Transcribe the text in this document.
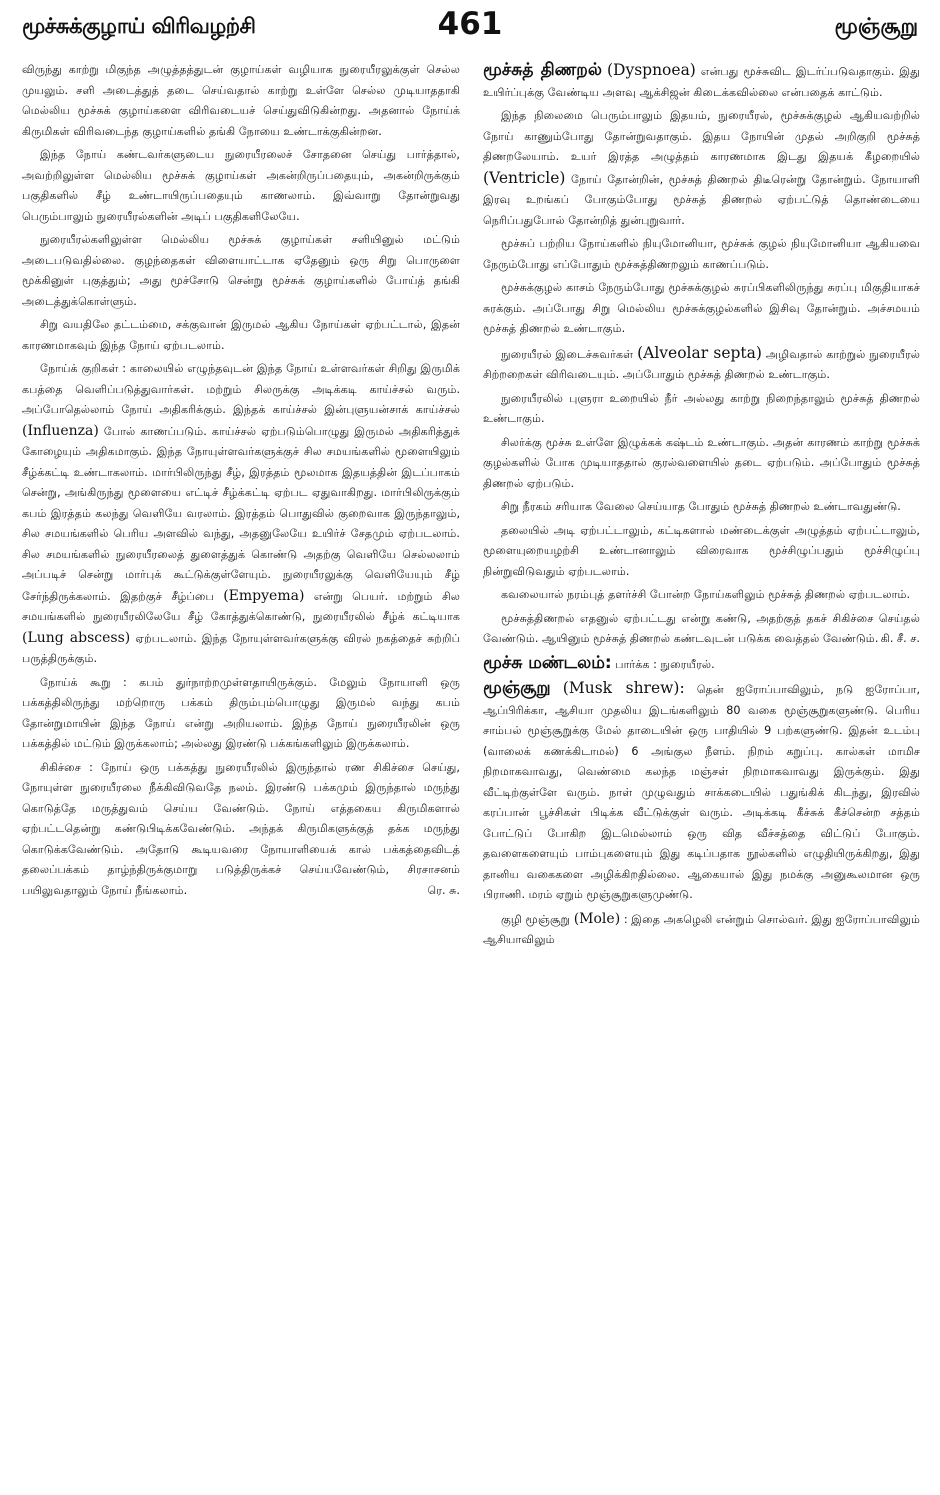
மூச்சுக்குழாய் விரிவழற்சி	461	மூஞ்சூறு

விருந்து காற்று மிகுந்த அழுத்தத்துடன் குழாய்கள் வழியாக நுரையீரலுக்குள் செல்ல முயலும். சளி அடைத்துத் தடை செய்வதால் காற்று உள்ளே செல்ல முடியாததாகி மெல்லிய மூச்சுக் குழாய்களை விரிவடையச் செய்துவிடுகின்றது. அதனால் நோய்க் கிருமிகள் விரிவடைந்த குழாய்களில் தங்கி நோயை உண்டாக்குகின்றன.

இந்த நோய் கண்டவர்களுடைய நுரையீரலைச் சோதனை செய்து பார்த்தால், அவற்றிலுள்ள மெல்லிய மூச்சுக் குழாய்கள் அகன்றிருப்பதையும், அகன்றிருக்கும் பகுதிகளில் சீழ் உண்டாயிருப்பதையும் காணலாம். இவ்வாறு தோன்றுவது பெரும்பாலும் நுரையீரல்களின் அடிப் பகுதிகளிலேயே.

நுரையீரல்களிலுள்ள மெல்லிய மூச்சுக் குழாய்கள் சளியினுல் மட்டும் அடைபடுவதில்லை. குழந்தைகள் விளையாட்டாக ஏதேனும் ஒரு சிறு பொருளை மூக்கினுள் புகுத்தும்; அது மூச்சோடு சென்று மூச்சுக் குழாய்களில் போய்த் தங்கி அடைத்துக்கொள்ளும்.

சிறு வயதிலே தட்டம்மை, சக்குவான் இருமல் ஆகிய நோய்கள் ஏற்பட்டால், இதன் காரணமாகவும் இந்த நோய் ஏற்படலாம்.

நோய்க் குறிகள் : காலையில் எழுந்தவுடன் இந்த நோய் உள்ளவர்கள் சிறிது இருமிக் கபத்தை வெளிப்படுத்துவார்கள். மற்றும் சிலருக்கு அடிக்கடி காய்ச்சல் வரும். அப்போதெல்லாம் நோய் அதிகரிக்கும். இந்தக் காய்ச்சல் இன்புளுயன்சாக் காய்ச்சல் (Influenza) போல் காணப்படும். காய்ச்சல் ஏற்படும்பொழுது இருமல் அதிகரித்துக் கோழையும் அதிகமாகும். இந்த நோயுள்ளவர்களுக்குச் சில சமயங்களில் மூளையிலும் சீழ்க்கட்டி உண்டாகலாம். மார்பிலிருந்து சீழ், இரத்தம் மூலமாக இதயத்தின் இடப்பாகம் சென்று, அங்கிருந்து மூளையை எட்டிச் சீழ்க்கட்டி ஏற்பட ஏதுவாகிறது. மார்பிலிருக்கும் கபம் இரத்தம் கலந்து வெளியே வரலாம். இரத்தம் பொதுவில் குறைவாக இருந்தாலும், சில சமயங்களில் பெரிய அளவில் வந்து, அதனுலேயே உயிர்ச் சேதமும் ஏற்படலாம். சில சமயங்களில் நுரையீரலைத் துளைத்துக் கொண்டு அதற்கு வெளியே செல்லலாம் அப்படிச் சென்று மார்புக் கூட்டுக்குள்ளேயும். நுரையீரலுக்கு வெளியேயும் சீழ் சேர்ந்திருக்கலாம். இதற்குச் சீழ்ப்பை (Empyema) என்று பெயர். மற்றும் சில சமயங்களில் நுரையீரலிலேயே சீழ் கோத்துக்கொண்டு, நுரையீரலில் சீழ்க் கட்டியாக (Lung abscess) ஏற்படலாம். இந்த நோயுள்ளவர்களுக்கு விரல் நகத்தைச் சுற்றிப் பருத்திருக்கும்.

நோய்க் கூறு : கபம் துர்நாற்றமுள்ளதாயிருக்கும். மேலும் நோயாளி ஒரு பக்கத்திலிருந்து மற்றொரு பக்கம் திரும்பும்பொழுது இருமல் வந்து கபம் தோன்றுமாயின் இந்த நோய் என்று அறியலாம். இந்த நோய் நுரையீரலின் ஒரு பக்கத்தில் மட்டும் இருக்கலாம்; அல்லது இரண்டு பக்கங்களிலும் இருக்கலாம்.

சிகிச்சை : நோய் ஒரு பக்கத்து நுரையீரலில் இருந்தால் ரண சிகிச்சை செய்து, நோயுள்ள நுரையீரலை நீக்கிவிடுவதே நலம். இரண்டு பக்கமும் இருந்தால் மருந்து கொடுத்தே மருத்துவம் செய்ய வேண்டும். நோய் எத்தகைய கிருமிகளால் ஏற்பட்டதென்று கண்டுபிடிக்கவேண்டும். அந்தக் கிருமிகளுக்குத் தக்க மருந்து கொடுக்கவேண்டும். அதோடு கூடியவரை நோயாளியைக் கால் பக்கத்தைவிடத் தலைப்பக்கம் தாழ்ந்திருக்குமாறு படுத்திருக்கச் செய்யவேண்டும், சிரசாசனம் பயிலுவதாலும் நோய் நீங்கலாம்.	ரெ. சு.

மூச்சுத் திணறல் (Dyspnoea) என்பது மூச்சுவிட இடர்ப்படுவதாகும். இது உயிர்ப்புக்கு வேண்டிய அளவு ஆக்சிஜன் கிடைக்கவில்லை என்பதைக் காட்டும்.

இந்த நிலைமை பெரும்பாலும் இதயம், நுரையீரல், மூச்சுக்குழல் ஆகியவற்றில் நோய் காணும்போது தோன்றுவதாகும். இதய நோயின் முதல் அறிகுறி மூச்சுத் திணறலேயாம். உயர் இரத்த அழுத்தம் காரணமாக இடது இதயக் கீழறையில் (Ventricle) நோய் தோன்றின், மூச்சுத் திணறல் திடீரென்று தோன்றும். நோயாளி இரவு உறங்கப் போகும்போது மூச்சுத் திணறல் ஏற்பட்டுத் தொண்டையை நெரிப்பதுபோல் தோன்றித் துன்புறுவார்.

மூச்சுப் பற்றிய நோய்களில் நியுமோனியா, மூச்சுக் குழல் நியுமோனியா ஆகியவை நேரும்போது எப்போதும் மூச்சுத்திணறலும் காணப்படும்.

மூச்சுக்குழல் காசம் நேரும்போது மூச்சுக்குழல் சுரப்பிகளிலிருந்து சுரப்பு மிகுதியாகச் சுரக்கும். அப்போது சிறு மெல்லிய மூச்சுக்குழல்களில் இசிவு தோன்றும். அச்சமயம் மூச்சுத் திணறல் உண்டாகும்.

நுரையீரல் இடைச்சுவர்கள் (Alveolar septa) அழிவதால் காற்றுல் நுரையீரல் சிற்றறைகள் விரிவடையும். அப்போதும் மூச்சுத் திணறல் உண்டாகும்.

நுரையீரலில் புளுரா உறையில் நீர் அல்லது காற்று நிறைந்தாலும் மூச்சுத் திணறல் உண்டாகும்.

சிலர்க்கு மூச்சு உள்ளே இழுக்கக் கஷ்டம் உண்டாகும். அதன் காரணம் காற்று மூச்சுக் குழல்களில் போக முடியாததால் குரல்வளையில் தடை ஏற்படும். அப்போதும் மூச்சுத் திணறல் ஏற்படும்.

சிறு நீரகம் சரியாக வேலை செய்யாத போதும் மூச்சுத் திணறல் உண்டாவதுண்டு.

தலையில் அடி ஏற்பட்டாலும், கட்டிகளால் மண்டைக்குள் அழுத்தம் ஏற்பட்டாலும், மூளையுறையழற்சி உண்டானாலும் விரைவாக மூச்சிழுப்பதும் மூச்சிழுப்பு நின்றுவிடுவதும் ஏற்படலாம்.

கவலையால் நரம்புத் தளர்ச்சி போன்ற நோய்களிலும் மூச்சுத் திணறல் ஏற்படலாம்.

மூச்சுத்திணறல் எதனுல் ஏற்பட்டது என்று கண்டு, அதற்குத் தகச் சிகிச்சை செய்தல் வேண்டும். ஆயினும் மூச்சுத் திணறல் கண்டவுடன் படுக்க வைத்தல் வேண்டும். கி. சீ. ச.

மூச்சு மண்டலம்: பார்க்க : நுரையீரல்.

மூஞ்சூறு (Musk shrew): தென் ஐரோப்பாவிலும், நடு ஐரோப்பா, ஆப்பிரிக்கா, ஆசியா முதலிய இடங்களிலும் 80 வகை மூஞ்சூறுகளுண்டு. பெரிய சாம்பல் மூஞ்சூறுக்கு மேல் தாடையின் ஒரு பாதியில் 9 பற்களுண்டு. இதன் உடம்பு (வாலைக் கணக்கிடாமல்) 6 அங்குல நீளம். நிறம் கறுப்பு. கால்கள் மாமிச நிறமாகவாவது, வெண்மை கலந்த மஞ்சள் நிறமாகவாவது இருக்கும். இது வீட்டிற்குள்ளே வரும். நாள் முழுவதும் சாக்கடையில் பதுங்கிக் கிடந்து, இரவில் கரப்பான் பூச்சிகள் பிடிக்க வீட்டுக்குள் வரும். அடிக்கடி கீச்சுக் கீச்சென்ற சத்தம் போட்டுப் போகிற இடமெல்லாம் ஒரு வித வீச்சத்தை விட்டுப் போகும். தவளைகளையும் பாம்புகளையும் இது கடிப்பதாக நூல்களில் எழுதியிருக்கிறது, இது தானிய வகைகளை அழிக்கிறதில்லை. ஆகையால் இது நமக்கு அனுகூலமான ஒரு பிராணி. மரம் ஏறும் மூஞ்சூறுகளுமுண்டு.

குழி மூஞ்சூறு (Mole) : இதை அகழெலி என்றும் சொல்வர். இது ஐரோப்பாவிலும் ஆசியாவிலும்
